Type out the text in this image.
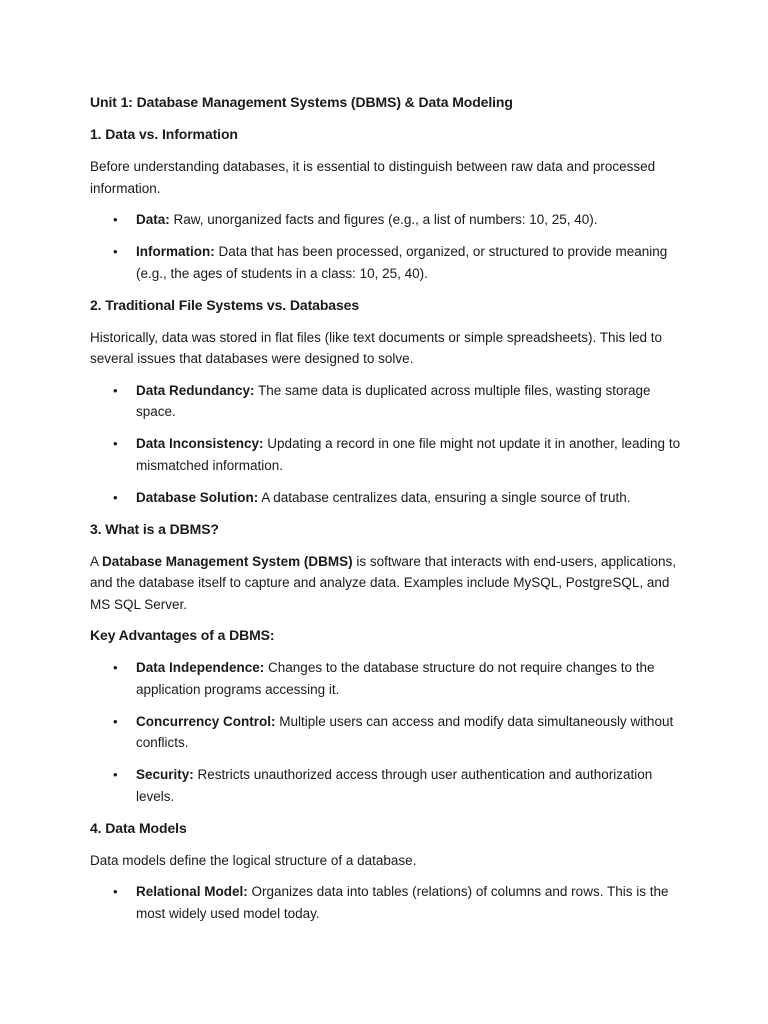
Unit 1: Database Management Systems (DBMS) & Data Modeling

1. Data vs. Information

Before understanding databases, it is essential to distinguish between raw data and processed information.

• Data: Raw, unorganized facts and figures (e.g., a list of numbers: 10, 25, 40).
• Information: Data that has been processed, organized, or structured to provide meaning (e.g., the ages of students in a class: 10, 25, 40).

2. Traditional File Systems vs. Databases

Historically, data was stored in flat files (like text documents or simple spreadsheets). This led to several issues that databases were designed to solve.

• Data Redundancy: The same data is duplicated across multiple files, wasting storage space.
• Data Inconsistency: Updating a record in one file might not update it in another, leading to mismatched information.
• Database Solution: A database centralizes data, ensuring a single source of truth.

3. What is a DBMS?

A Database Management System (DBMS) is software that interacts with end-users, applications, and the database itself to capture and analyze data. Examples include MySQL, PostgreSQL, and MS SQL Server.

Key Advantages of a DBMS:

• Data Independence: Changes to the database structure do not require changes to the application programs accessing it.
• Concurrency Control: Multiple users can access and modify data simultaneously without conflicts.
• Security: Restricts unauthorized access through user authentication and authorization levels.

4. Data Models

Data models define the logical structure of a database.

• Relational Model: Organizes data into tables (relations) of columns and rows. This is the most widely used model today.
